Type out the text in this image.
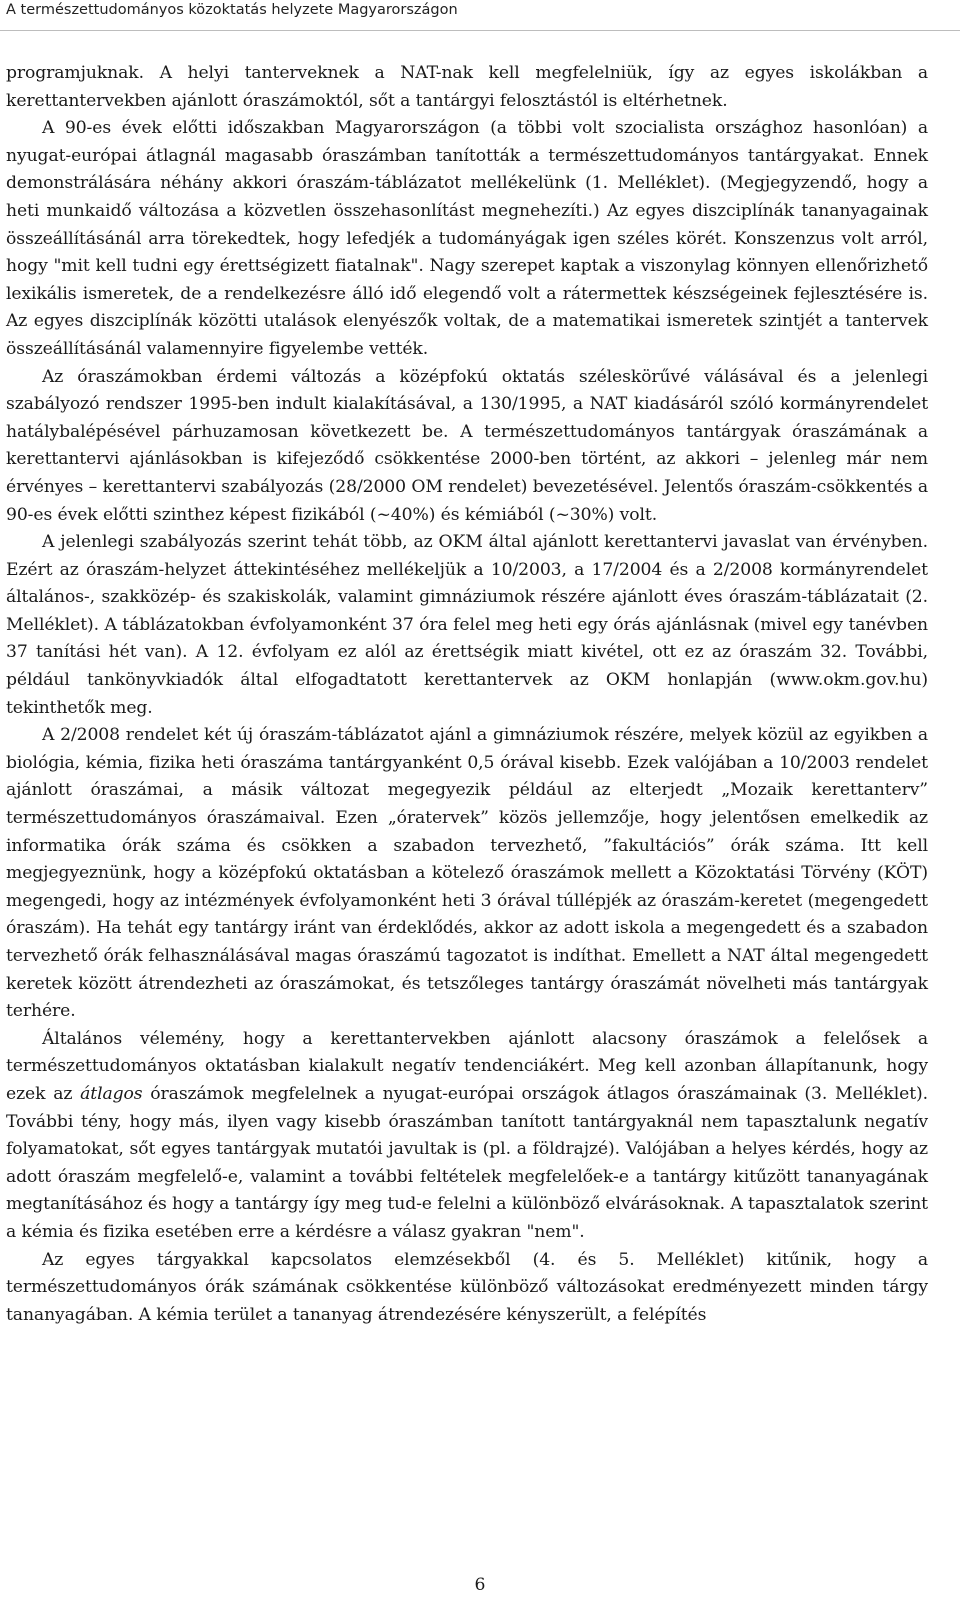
A természettudományos közoktatás helyzete Magyarországon

programjuknak. A helyi tanterveknek a NAT-nak kell megfelelniük, így az egyes iskolákban a kerettantervekben ajánlott óraszámoktól, sőt a tantárgyi felosztástól is eltérhetnek.

A 90-es évek előtti időszakban Magyarországon (a többi volt szocialista országhoz hasonlóan) a nyugat-európai átlagnál magasabb óraszámban tanították a természettudományos tantárgyakat. Ennek demonstrálására néhány akkori óraszám-táblázatot mellékelünk (1. Melléklet). (Megjegyzendő, hogy a heti munkaidő változása a közvetlen összehasonlítást megnehezíti.) Az egyes diszciplínák tananyagainak összeállításánál arra törekedtek, hogy lefedjék a tudományágak igen széles körét. Konszenzus volt arról, hogy "mit kell tudni egy érettségizett fiatalnak". Nagy szerepet kaptak a viszonylag könnyen ellenőrizhető lexikális ismeretek, de a rendelkezésre álló idő elegendő volt a rátermettek készségeinek fejlesztésére is. Az egyes diszciplínák közötti utalások elenyészők voltak, de a matematikai ismeretek szintjét a tantervek összeállításánál valamennyire figyelembe vették.

Az óraszámokban érdemi változás a középfokú oktatás széleskörűvé válásával és a jelenlegi szabályozó rendszer 1995-ben indult kialakításával, a 130/1995, a NAT kiadásáról szóló kormányrendelet hatálybalépésével párhuzamosan következett be. A természettudományos tantárgyak óraszámának a kerettantervi ajánlásokban is kifejeződő csökkentése 2000-ben történt, az akkori – jelenleg már nem érvényes – kerettantervi szabályozás (28/2000 OM rendelet) bevezetésével. Jelentős óraszám-csökkentés a 90-es évek előtti szinthez képest fizikából (~40%) és kémiából (~30%) volt.

A jelenlegi szabályozás szerint tehát több, az OKM által ajánlott kerettantervi javaslat van érvényben. Ezért az óraszám-helyzet áttekintéséhez mellékeljük a 10/2003, a 17/2004 és a 2/2008 kormányrendelet általános-, szakközép- és szakiskolák, valamint gimnáziumok részére ajánlott éves óraszám-táblázatait (2. Melléklet). A táblázatokban évfolyamonként 37 óra felel meg heti egy órás ajánlásnak (mivel egy tanévben 37 tanítási hét van). A 12. évfolyam ez alól az érettségik miatt kivétel, ott ez az óraszám 32. További, például tankönyvkiadók által elfogadtatott kerettantervek az OKM honlapján (www.okm.gov.hu) tekinthetők meg.

A 2/2008 rendelet két új óraszám-táblázatot ajánl a gimnáziumok részére, melyek közül az egyikben a biológia, kémia, fizika heti óraszáma tantárgyanként 0,5 órával kisebb. Ezek valójában a 10/2003 rendelet ajánlott óraszámai, a másik változat megegyezik például az elterjedt „Mozaik kerettanterv” természettudományos óraszámaival. Ezen „óratervek” közös jellemzője, hogy jelentősen emelkedik az informatika órák száma és csökken a szabadon tervezhető, ”fakultációs” órák száma. Itt kell megjegyeznünk, hogy a középfokú oktatásban a kötelező óraszámok mellett a Közoktatási Törvény (KÖT) megengedi, hogy az intézmények évfolyamonként heti 3 órával túllépjék az óraszám-keretet (megengedett óraszám). Ha tehát egy tantárgy iránt van érdeklődés, akkor az adott iskola a megengedett és a szabadon tervezhető órák felhasználásával magas óraszámú tagozatot is indíthat. Emellett a NAT által megengedett keretek között átrendezheti az óraszámokat, és tetszőleges tantárgy óraszámát növelheti más tantárgyak terhére.

Általános vélemény, hogy a kerettantervekben ajánlott alacsony óraszámok a felelősek a természettudományos oktatásban kialakult negatív tendenciákért. Meg kell azonban állapítanunk, hogy ezek az átlagos óraszámok megfelelnek a nyugat-európai országok átlagos óraszámainak (3. Melléklet). További tény, hogy más, ilyen vagy kisebb óraszámban tanított tantárgyaknál nem tapasztalunk negatív folyamatokat, sőt egyes tantárgyak mutatói javultak is (pl. a földrajzé). Valójában a helyes kérdés, hogy az adott óraszám megfelelő-e, valamint a további feltételek megfelelőek-e a tantárgy kitűzött tananyagának megtanításához és hogy a tantárgy így meg tud-e felelni a különböző elvárásoknak. A tapasztalatok szerint a kémia és fizika esetében erre a kérdésre a válasz gyakran "nem".

Az egyes tárgyakkal kapcsolatos elemzésekből (4. és 5. Melléklet) kitűnik, hogy a természettudományos órák számának csökkentése különböző változásokat eredményezett minden tárgy tananyagában. A kémia terület a tananyag átrendezésére kényszerült, a felépítés

6
